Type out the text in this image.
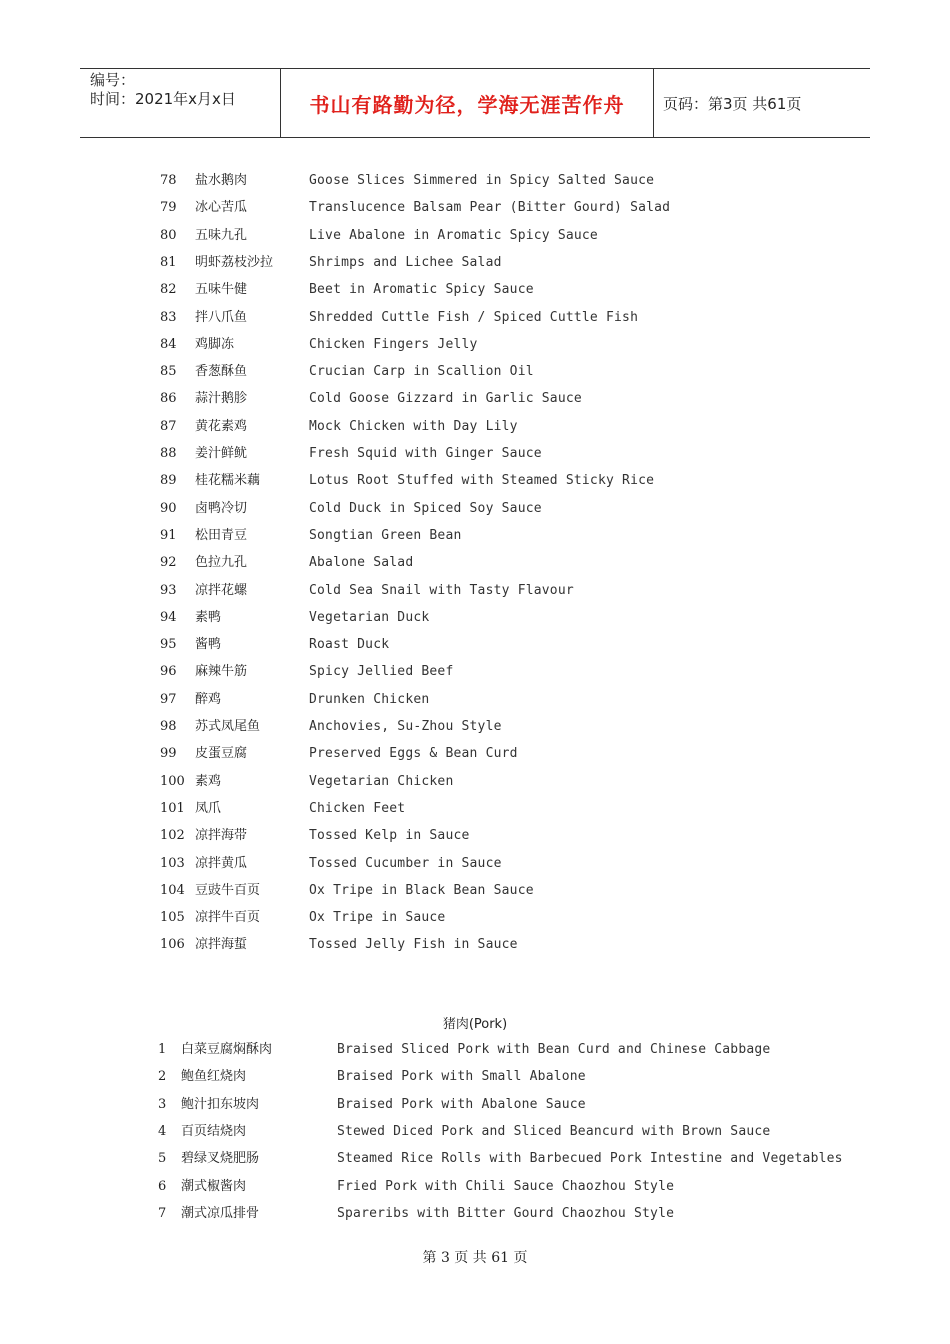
编号：
时间：2021年x月x日	书山有路勤为径，学海无涯苦作舟	页码：第3页 共61页
78 盐水鹅肉	Goose Slices Simmered in Spicy Salted Sauce
79 冰心苦瓜	Translucence Balsam Pear (Bitter Gourd) Salad
80 五味九孔	Live Abalone in Aromatic Spicy Sauce
81 明虾荔枝沙拉	Shrimps and Lichee Salad
82 五味牛健	Beet in Aromatic Spicy Sauce
83 拌八爪鱼	Shredded Cuttle Fish / Spiced Cuttle Fish
84 鸡脚冻	Chicken Fingers Jelly
85 香葱酥鱼	Crucian Carp in Scallion Oil
86 蒜汁鹅胗	Cold Goose Gizzard in Garlic Sauce
87 黄花素鸡	Mock Chicken with Day Lily
88 姜汁鲜鱿	Fresh Squid with Ginger Sauce
89 桂花糯米藕	Lotus Root Stuffed with Steamed Sticky Rice
90 卤鸭冷切	Cold Duck in Spiced Soy Sauce
91 松田青豆	Songtian Green Bean
92 色拉九孔	Abalone Salad
93 凉拌花螺	Cold Sea Snail with Tasty Flavour
94 素鸭	Vegetarian Duck
95 酱鸭	Roast Duck
96 麻辣牛筋	Spicy Jellied Beef
97 醉鸡	Drunken Chicken
98 苏式凤尾鱼	Anchovies, Su-Zhou Style
99 皮蛋豆腐	Preserved Eggs & Bean Curd
100 素鸡	Vegetarian Chicken
101 凤爪	Chicken Feet
102 凉拌海带	Tossed Kelp in Sauce
103 凉拌黄瓜	Tossed Cucumber in Sauce
104 豆豉牛百页	Ox Tripe in Black Bean Sauce
105 凉拌牛百页	Ox Tripe in Sauce
106 凉拌海蜇	Tossed Jelly Fish in Sauce
猪肉(Pork)
1 白菜豆腐焖酥肉	Braised Sliced Pork with Bean Curd and Chinese Cabbage
2 鲍鱼红烧肉	Braised Pork with Small Abalone
3 鲍汁扣东坡肉	Braised Pork with Abalone Sauce
4 百页结烧肉	Stewed Diced Pork and Sliced Beancurd with Brown Sauce
5 碧绿叉烧肥肠	Steamed Rice Rolls with Barbecued Pork Intestine and Vegetables
6 潮式椒酱肉	Fried Pork with Chili Sauce Chaozhou Style
7 潮式凉瓜排骨	Spareribs with Bitter Gourd Chaozhou Style
第 3 页 共 61 页
